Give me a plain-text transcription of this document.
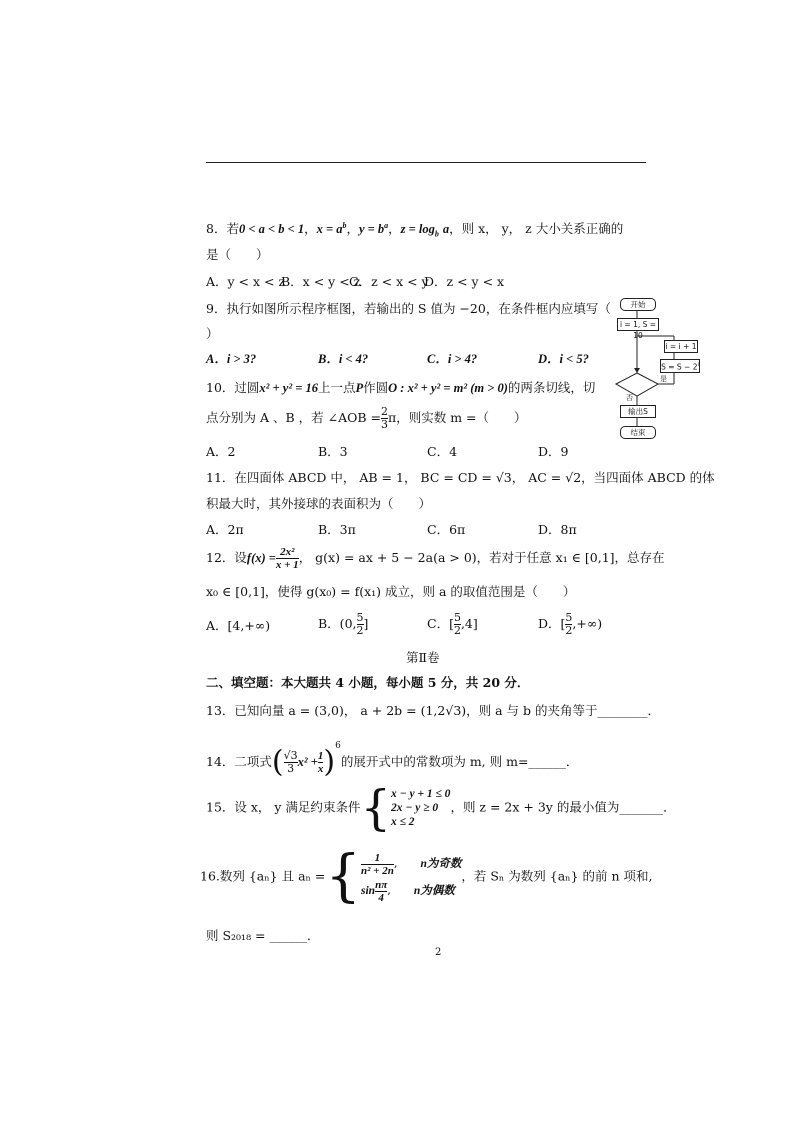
8．若0 < a < b < 1，$x = a^b$，$y = b^a$，$z = \log_b a$，则 x， y， z 大小关系正确的
是（　　）
A．y < x < z
B．x < y < z
C．z < x < y
D．z < y < x
9．执行如图所示程序框图，若输出的 S 值为 −20，在条件框内应填写（
）
A．i > 3?	B．i < 4?	C．i > 4?	D．i < 5?
开始
i = 1, S = 10
i = i + 1
$S = S - 2^i$
是
否
输出S
结束
10．过圆x² + y² = 16上一点P作圆O : x² + y² = m² (m > 0)的两条切线，切
点分别为 A 、B ，若 ∠AOB = $\frac{2}{3}$ π，则实数 m =（　　）
A．2	B．3	C．4	D．9
11．在四面体 ABCD 中， AB = 1， BC = CD = √3， AC = √2，当四面体 ABCD 的体
积最大时，其外接球的表面积为（　　）
A．2π	B．3π	C．6π	D．8π
12．设$f(x) = \frac{\text{2x²}}{x + 1}$ ， g(x) = ax + 5 − 2a(a > 0)，若对于任意 x₁ ∈ [0,1]，总存在
x₀ ∈ [0,1]，使得 g(x₀) = f(x₁) 成立，则 a 的取值范围是（　　）
A．[4,+∞)	B．(0, $\frac{5}{2}$ ]	C．[ $\frac{5}{2} ,4$]	D．[ $\frac{5}{2}$ ,+∞)
第Ⅱ卷
二、填空题：本大题共 4 小题，每小题 5 分，共 20 分．
13．已知向量 a = (3,0)， a + 2b = (1,2√3)，则 a 与 b 的夹角等于________．
14．二项式( $\frac{√3}{3} x^2 + \frac{1}{x} )^6$的展开式中的常数项为 m, 则 m=______．
15．设 x， y 满足约束条件{ x − y + 1 ≤ 0
2x − y ≥ 0
x ≤ 2
，则 z = 2x + 3y 的最小值为_______．
16.数列 {aₙ} 且 aₙ ={ $\frac{1}{\text{n² + 2n}}$ ,　　n为奇数
$\sin \frac{n\pi}{4}$ ,　　n为偶数
，若 Sₙ 为数列 {aₙ} 的前 n 项和,
则 S₂₀₁₈ = ______．
2
